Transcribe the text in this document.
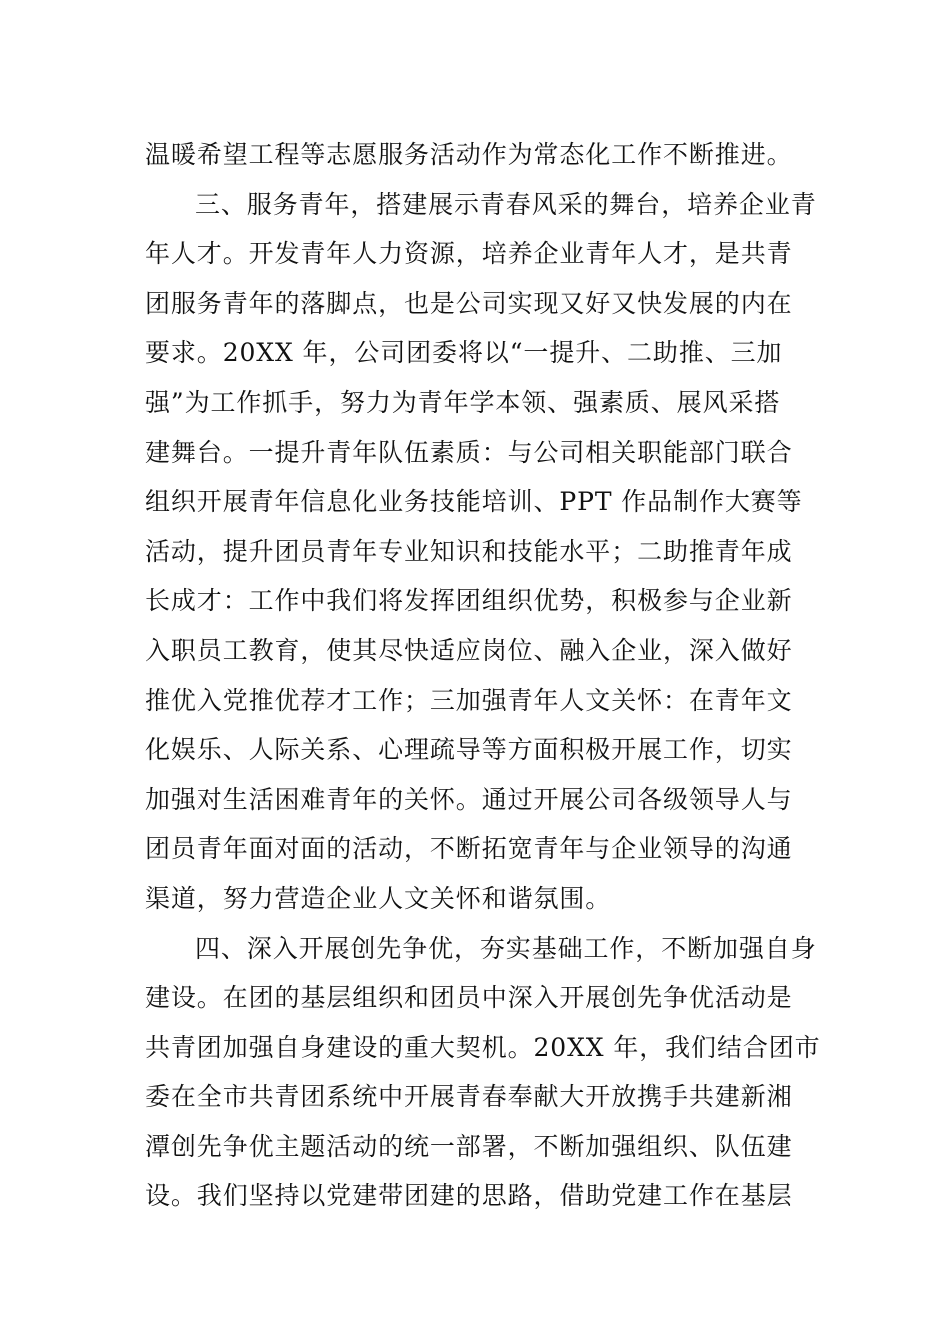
温暖希望工程等志愿服务活动作为常态化工作不断推进。
三、服务青年，搭建展示青春风采的舞台，培养企业青
年人才。开发青年人力资源，培养企业青年人才，是共青
团服务青年的落脚点，也是公司实现又好又快发展的内在
要求。20XX 年，公司团委将以“一提升、二助推、三加
强”为工作抓手，努力为青年学本领、强素质、展风采搭
建舞台。一提升青年队伍素质：与公司相关职能部门联合
组织开展青年信息化业务技能培训、PPT 作品制作大赛等
活动，提升团员青年专业知识和技能水平；二助推青年成
长成才：工作中我们将发挥团组织优势，积极参与企业新
入职员工教育，使其尽快适应岗位、融入企业，深入做好
推优入党推优荐才工作；三加强青年人文关怀：在青年文
化娱乐、人际关系、心理疏导等方面积极开展工作，切实
加强对生活困难青年的关怀。通过开展公司各级领导人与
团员青年面对面的活动，不断拓宽青年与企业领导的沟通
渠道，努力营造企业人文关怀和谐氛围。
四、深入开展创先争优，夯实基础工作，不断加强自身
建设。在团的基层组织和团员中深入开展创先争优活动是
共青团加强自身建设的重大契机。20XX 年，我们结合团市
委在全市共青团系统中开展青春奉献大开放携手共建新湘
潭创先争优主题活动的统一部署，不断加强组织、队伍建
设。我们坚持以党建带团建的思路，借助党建工作在基层
